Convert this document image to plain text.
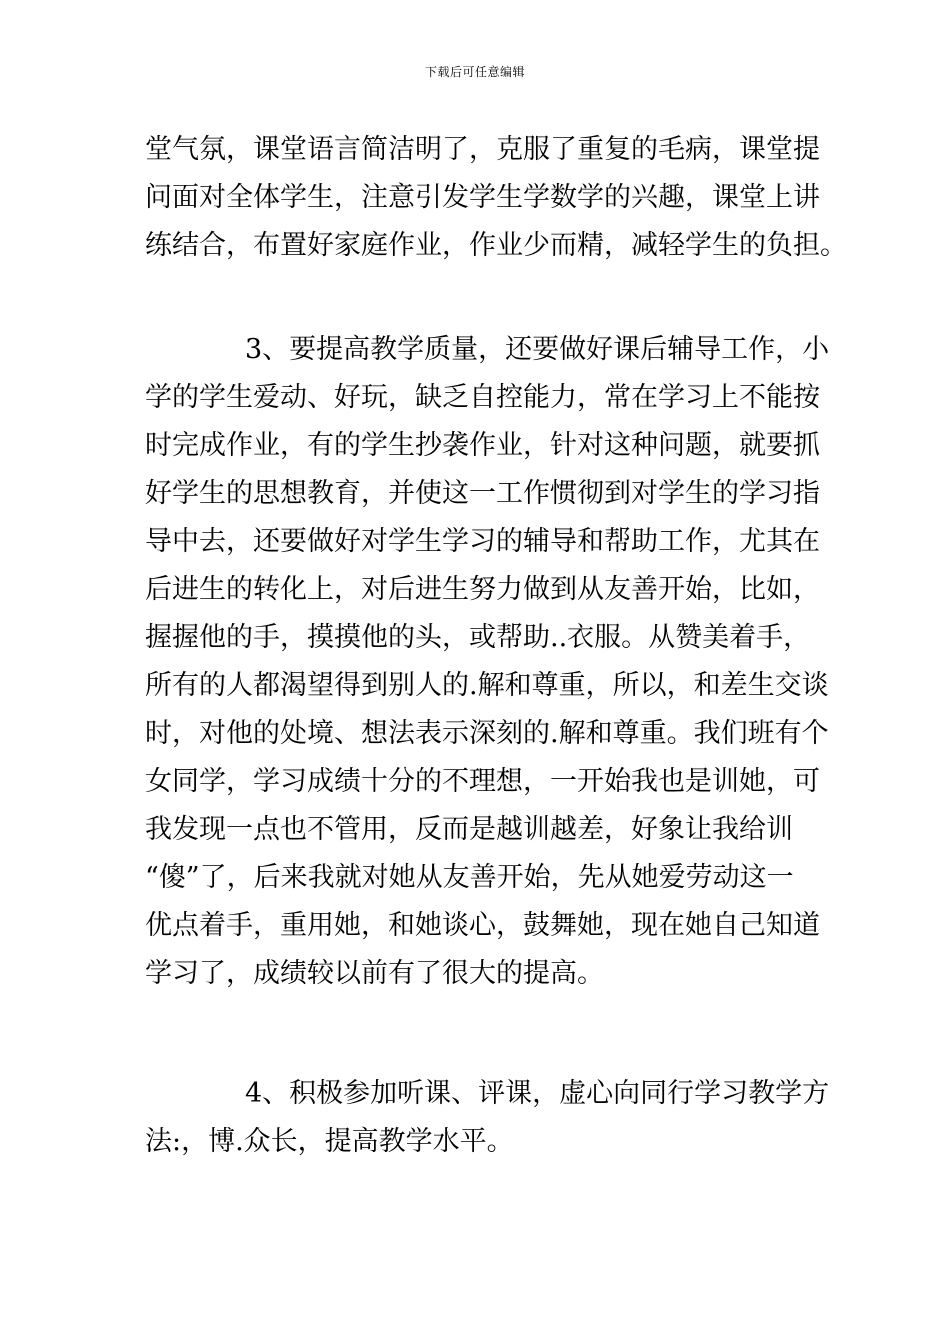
下载后可任意编辑
堂气氛，课堂语言简洁明了，克服了重复的毛病，课堂提
问面对全体学生，注意引发学生学数学的兴趣，课堂上讲
练结合，布置好家庭作业，作业少而精，减轻学生的负担。
3、要提高教学质量，还要做好课后辅导工作，小
学的学生爱动、好玩，缺乏自控能力，常在学习上不能按
时完成作业，有的学生抄袭作业，针对这种问题，就要抓
好学生的思想教育，并使这一工作惯彻到对学生的学习指
导中去，还要做好对学生学习的辅导和帮助工作，尤其在
后进生的转化上，对后进生努力做到从友善开始，比如，
握握他的手，摸摸他的头，或帮助..衣服。从赞美着手，
所有的人都渴望得到别人的.解和尊重，所以，和差生交谈
时，对他的处境、想法表示深刻的.解和尊重。我们班有个
女同学，学习成绩十分的不理想，一开始我也是训她，可
我发现一点也不管用，反而是越训越差，好象让我给训
“傻”了，后来我就对她从友善开始，先从她爱劳动这一
优点着手，重用她，和她谈心，鼓舞她，现在她自己知道
学习了，成绩较以前有了很大的提高。
4、积极参加听课、评课，虚心向同行学习教学方
法:，博.众长，提高教学水平。
